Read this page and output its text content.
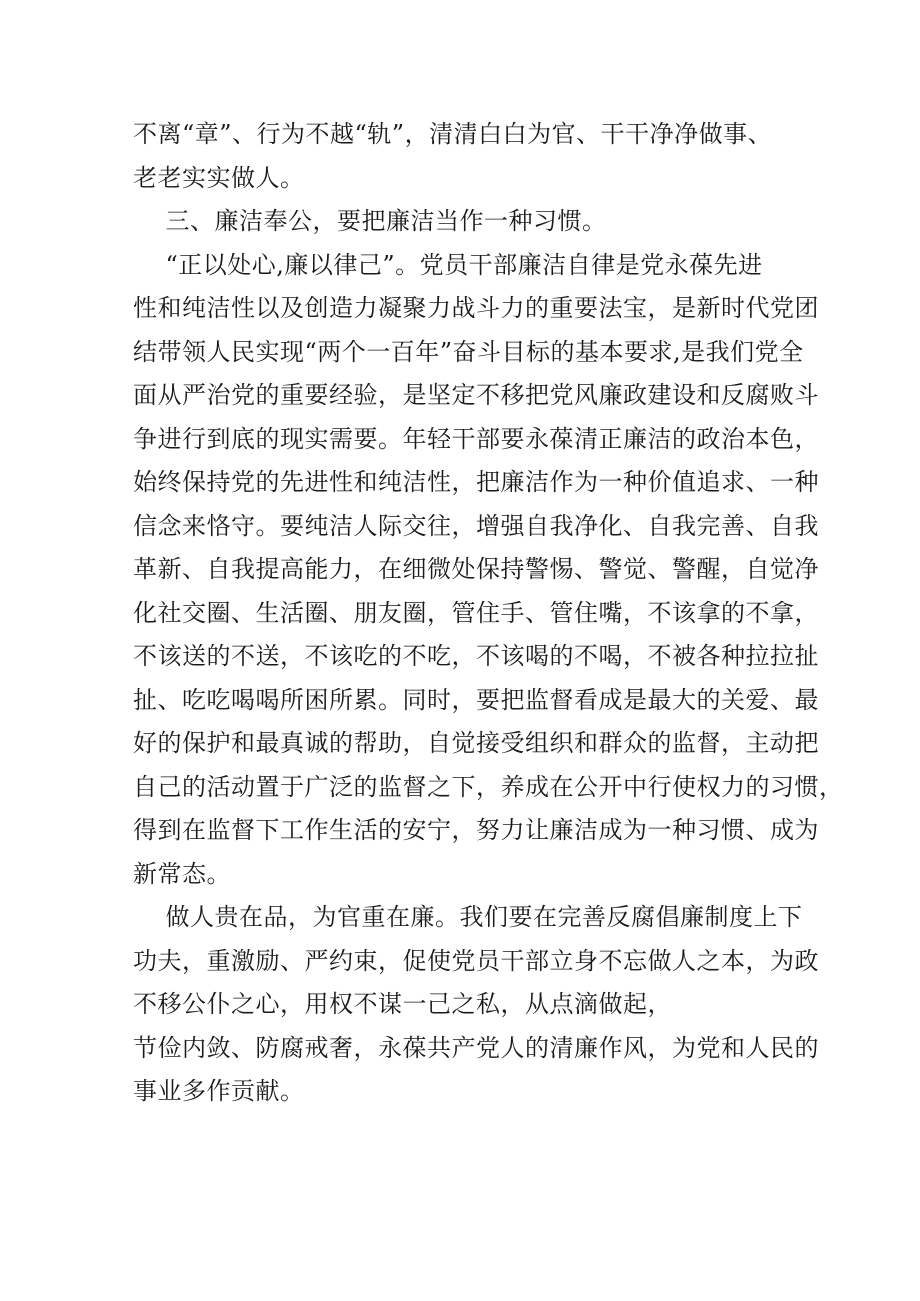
不离“章”、行为不越“轨”，清清白白为官、干干净净做事、
老老实实做人。
三、廉洁奉公，要把廉洁当作一种习惯。
“正以处心,廉以律己”。党员干部廉洁自律是党永葆先进
性和纯洁性以及创造力凝聚力战斗力的重要法宝，是新时代党团
结带领人民实现“两个一百年”奋斗目标的基本要求,是我们党全
面从严治党的重要经验，是坚定不移把党风廉政建设和反腐败斗
争进行到底的现实需要。年轻干部要永葆清正廉洁的政治本色，
始终保持党的先进性和纯洁性，把廉洁作为一种价值追求、一种
信念来恪守。要纯洁人际交往，增强自我净化、自我完善、自我
革新、自我提高能力，在细微处保持警惕、警觉、警醒，自觉净
化社交圈、生活圈、朋友圈，管住手、管住嘴，不该拿的不拿，
不该送的不送，不该吃的不吃，不该喝的不喝，不被各种拉拉扯
扯、吃吃喝喝所困所累。同时，要把监督看成是最大的关爱、最
好的保护和最真诚的帮助，自觉接受组织和群众的监督，主动把
自己的活动置于广泛的监督之下，养成在公开中行使权力的习惯，
得到在监督下工作生活的安宁，努力让廉洁成为一种习惯、成为
新常态。
做人贵在品，为官重在廉。我们要在完善反腐倡廉制度上下
功夫，重激励、严约束，促使党员干部立身不忘做人之本，为政
不移公仆之心，用权不谋一己之私，从点滴做起，
节俭内敛、防腐戒奢，永葆共产党人的清廉作风，为党和人民的
事业多作贡献。
